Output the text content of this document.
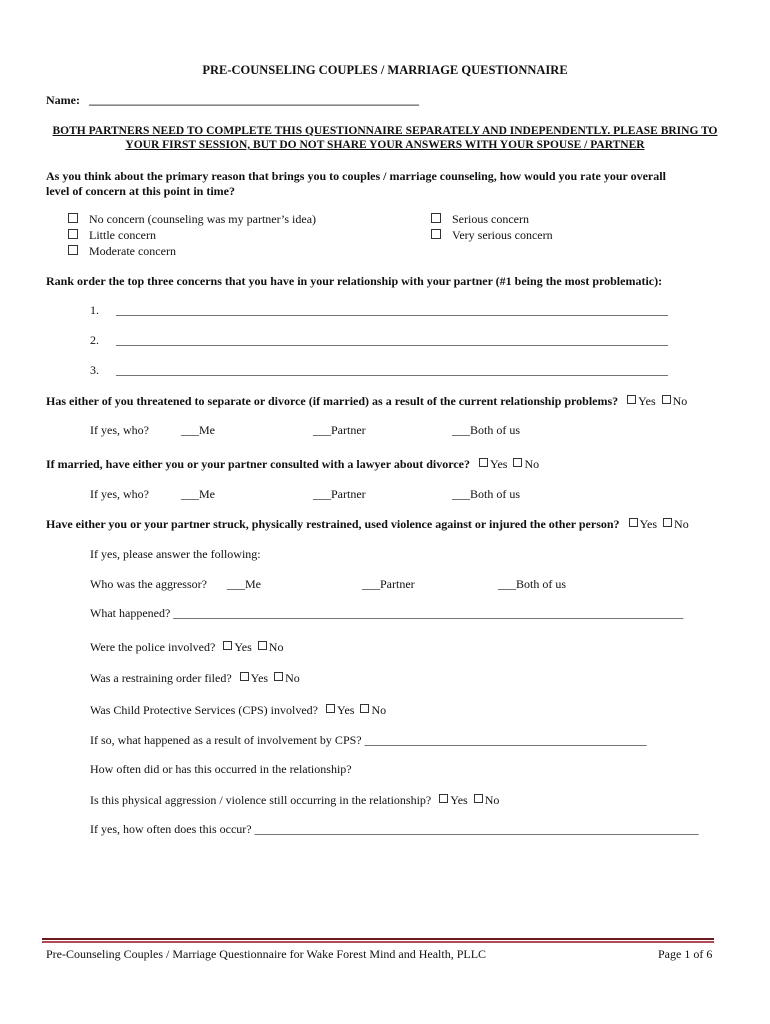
PRE-COUNSELING COUPLES / MARRIAGE QUESTIONNAIRE
Name: _______________________________________________________
BOTH PARTNERS NEED TO COMPLETE THIS QUESTIONNAIRE SEPARATELY AND INDEPENDENTLY. PLEASE BRING TO YOUR FIRST SESSION, BUT DO NOT SHARE YOUR ANSWERS WITH YOUR SPOUSE / PARTNER
As you think about the primary reason that brings you to couples / marriage counseling, how would you rate your overall
level of concern at this point in time?
No concern (counseling was my partner’s idea)
Little concern
Moderate concern
Serious concern
Very serious concern
Rank order the top three concerns that you have in your relationship with your partner (#1 being the most problematic):
1. ____________________________________________________________________________________________
2. ____________________________________________________________________________________________
3. ____________________________________________________________________________________________
Has either of you threatened to separate or divorce (if married) as a result of the current relationship problems? Yes No
If yes, who?	___Me	___Partner	___Both of us
If married, have either you or your partner consulted with a lawyer about divorce? Yes No
If yes, who?	___Me	___Partner	___Both of us
Have either you or your partner struck, physically restrained, used violence against or injured the other person? Yes No
If yes, please answer the following:
Who was the aggressor? ___Me	___Partner	___Both of us
What happened? _____________________________________________________________________________________
Were the police involved? Yes No
Was a restraining order filed? Yes No
Was Child Protective Services (CPS) involved? Yes No
If so, what happened as a result of involvement by CPS? _______________________________________________
How often did or has this occurred in the relationship?
Is this physical aggression / violence still occurring in the relationship? Yes No
If yes, how often does this occur? __________________________________________________________________________
Pre-Counseling Couples / Marriage Questionnaire for Wake Forest Mind and Health, PLLC	Page 1 of 6
